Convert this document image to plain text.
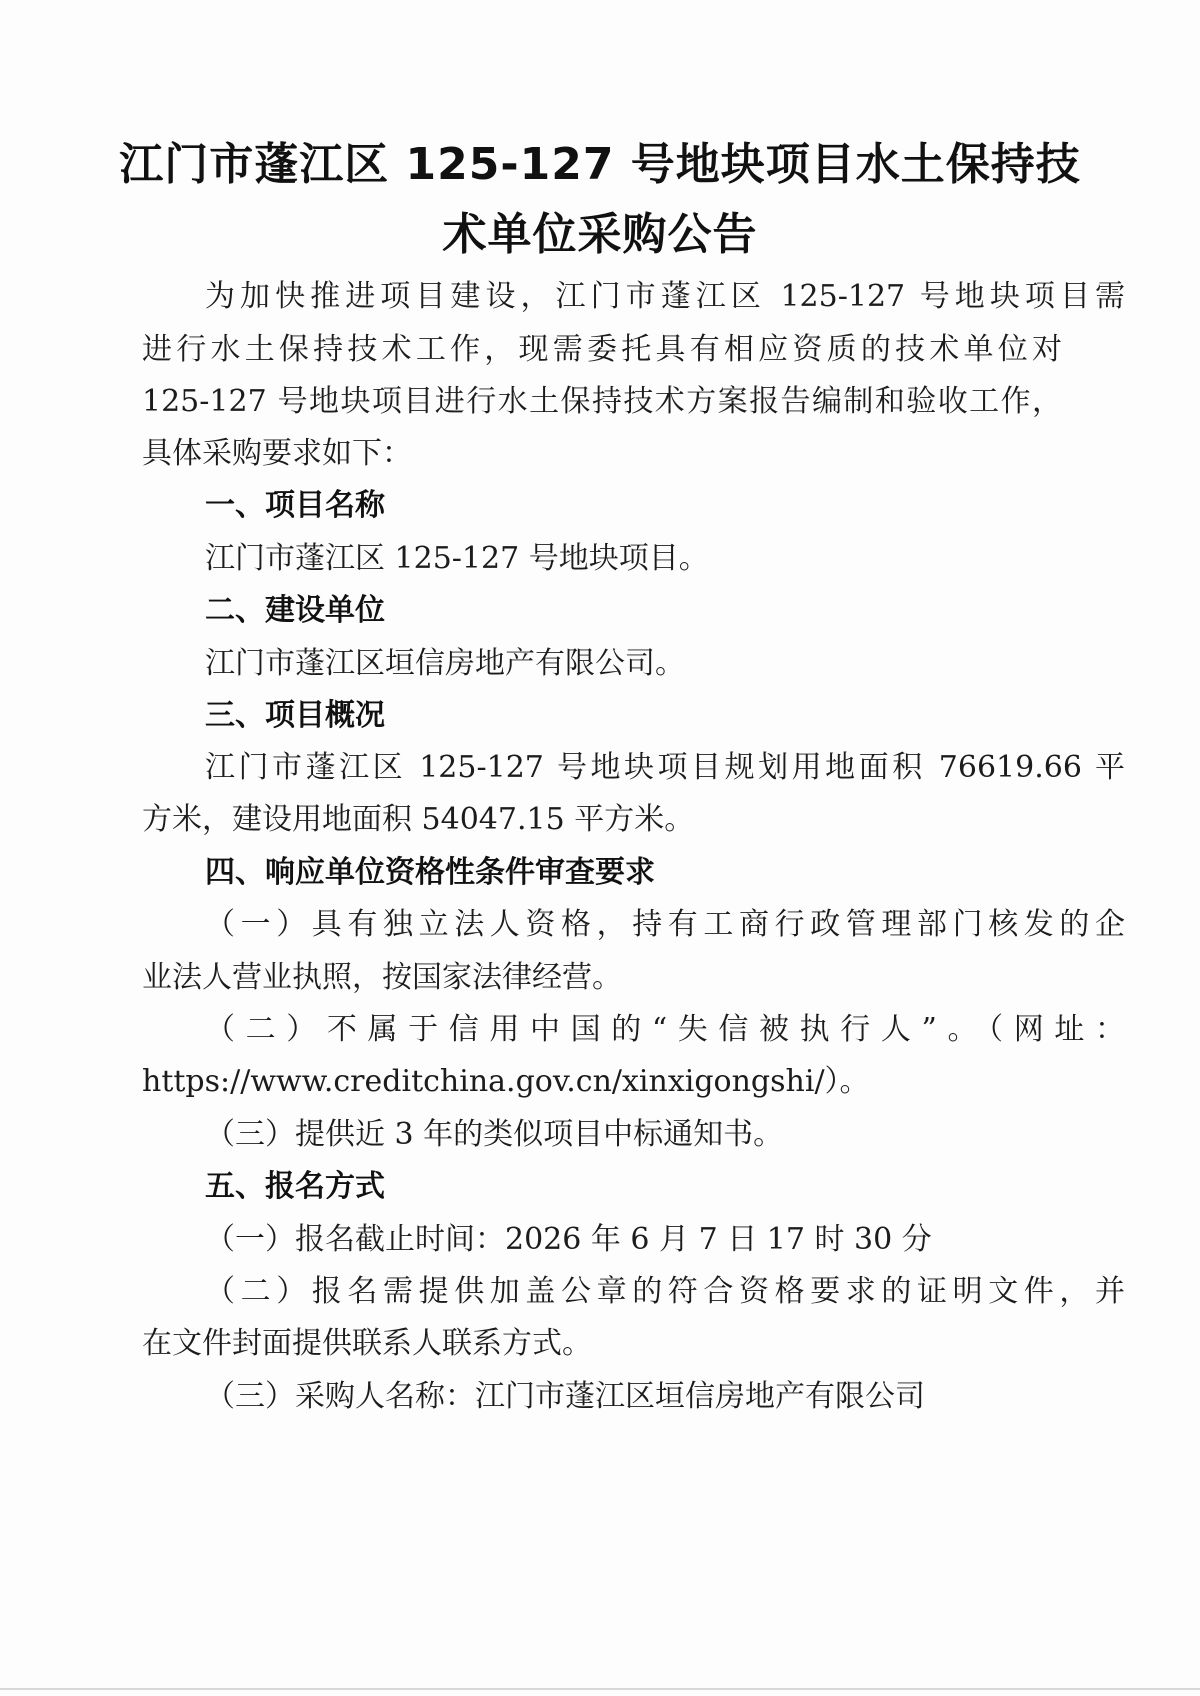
江门市蓬江区 125-127 号地块项目水土保持技
术单位采购公告
为加快推进项目建设，江门市蓬江区 125-127 号地块项目需
进行水土保持技术工作，现需委托具有相应资质的技术单位对
125-127 号地块项目进行水土保持技术方案报告编制和验收工作，
具体采购要求如下：
一、项目名称
江门市蓬江区 125-127 号地块项目。
二、建设单位
江门市蓬江区垣信房地产有限公司。
三、项目概况
江门市蓬江区 125-127 号地块项目规划用地面积 76619.66 平
方米，建设用地面积 54047.15 平方米。
四、响应单位资格性条件审查要求
（一）具有独立法人资格，持有工商行政管理部门核发的企
业法人营业执照，按国家法律经营。
（二）不属于信用中国的“失信被执行人”。（网址：
https://www.creditchina.gov.cn/xinxigongshi/）。
（三）提供近 3 年的类似项目中标通知书。
五、报名方式
（一）报名截止时间：2026 年 6 月 7 日 17 时 30 分
（二）报名需提供加盖公章的符合资格要求的证明文件，并
在文件封面提供联系人联系方式。
（三）采购人名称：江门市蓬江区垣信房地产有限公司
